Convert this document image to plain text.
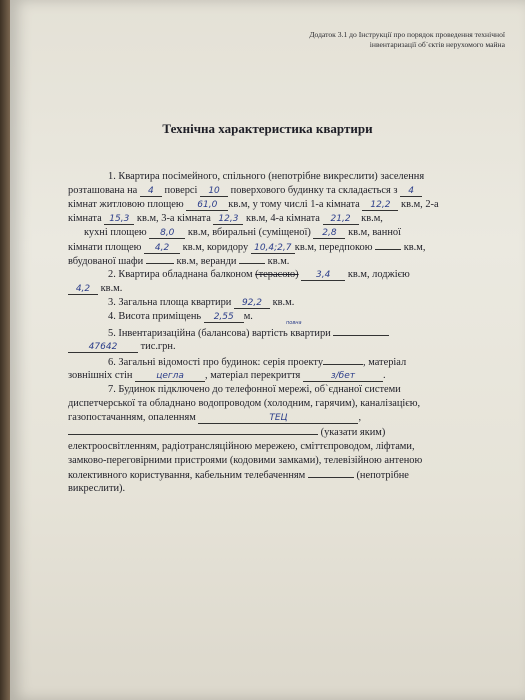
Додаток 3.1 до Інструкції про порядок проведення технічної
інвентаризації об`єктів нерухомого майна
Технічна характеристика квартири
1. Квартира посімейного, спільного (непотрібне викреслити) заселення
розташована на 4 поверсі 10 поверхового будинку та складається з 4
кімнат житловою площею 61,0 кв.м, у тому числі 1-а кімната 12,2 кв.м, 2-а
кімната 15,3 кв.м, 3-а кімната 12,3 кв.м, 4-а кімната 21,2 кв.м,
кухні площею 8,0 кв.м, вбиральні (суміщеної) 2,8 кв.м, ванної
кімнати площею 4,2 кв.м, коридору 10,4;2,7 кв.м, передпокою	кв.м,
вбудованої шафи	кв.м, веранди	кв.м.
2. Квартира обладнана балконом (терасою) 3,4 кв.м, лоджією
4,2 кв.м.
3. Загальна площа квартири 92,2 кв.м.
4. Висота приміщень 2,55 м.
повна
5. Інвентаризаційна (балансова) вартість квартири
47642 тис.грн.
6. Загальні відомості про будинок: серія проекту	, матеріал
зовнішніх стін	цегла , матеріал перекриття	з/бет	.
7. Будинок підключено до телефонної мережі, об`єднаної системи
диспетчерської та обладнано водопроводом (холодним, гарячим), каналізацією,
газопостачанням, опаленням	ТЕЦ	,
(указати яким)
електроосвітленням, радіотрансляційною мережею, сміттєпроводом, ліфтами,
замково-переговірними пристроями (кодовими замками), телевізійною антеною
колективного користування, кабельним телебаченням	(непотрібне
викреслити).
